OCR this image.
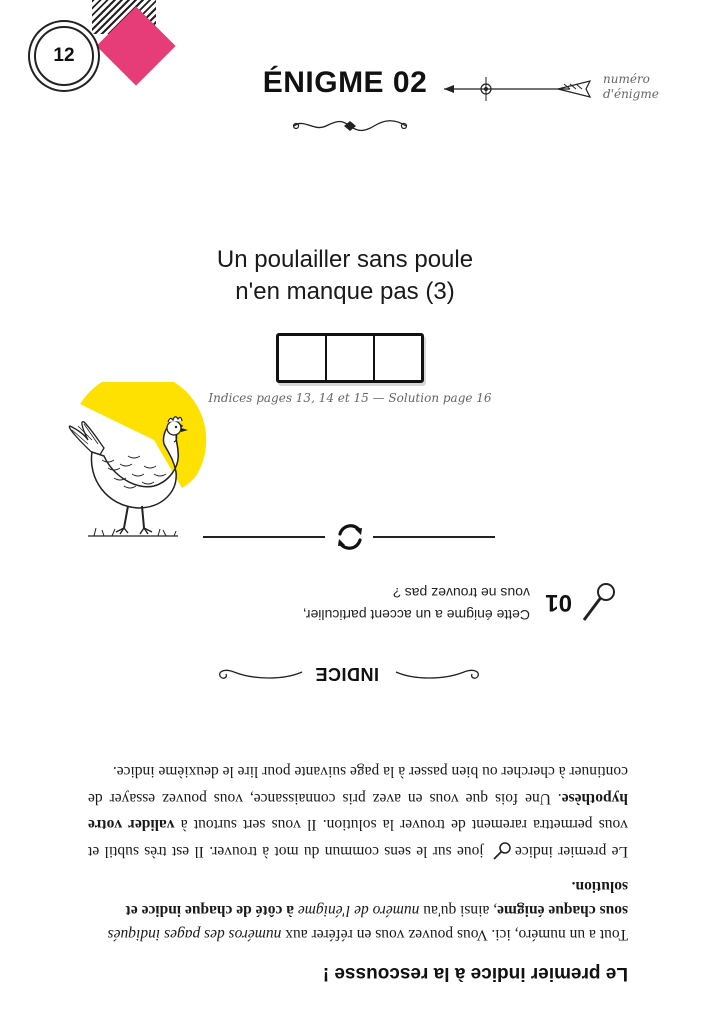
12
ÉNIGME 02	numéro
d'énigme
Un poulailler sans poule
n'en manque pas (3)
Indices pages 13, 14 et 15 — Solution page 16
Le premier indice à la rescousse !
Tout a un numéro, ici. Vous pouvez vous en référer aux numéros des pages indiqués sous chaque énigme, ainsi qu'au numéro de l'énigme à côté de chaque indice et solution.
Le premier indice joue sur le sens commun du mot à trouver. Il est très subtil et vous permettra rarement de trouver la solution. Il vous sert surtout à valider votre hypothèse. Une fois que vous en avez pris connaissance, vous pouvez essayer de continuer à chercher ou bien passer à la page suivante pour lire le deuxième indice.
INDICE
01
Cette énigme a un accent particulier, vous ne trouvez pas ?
